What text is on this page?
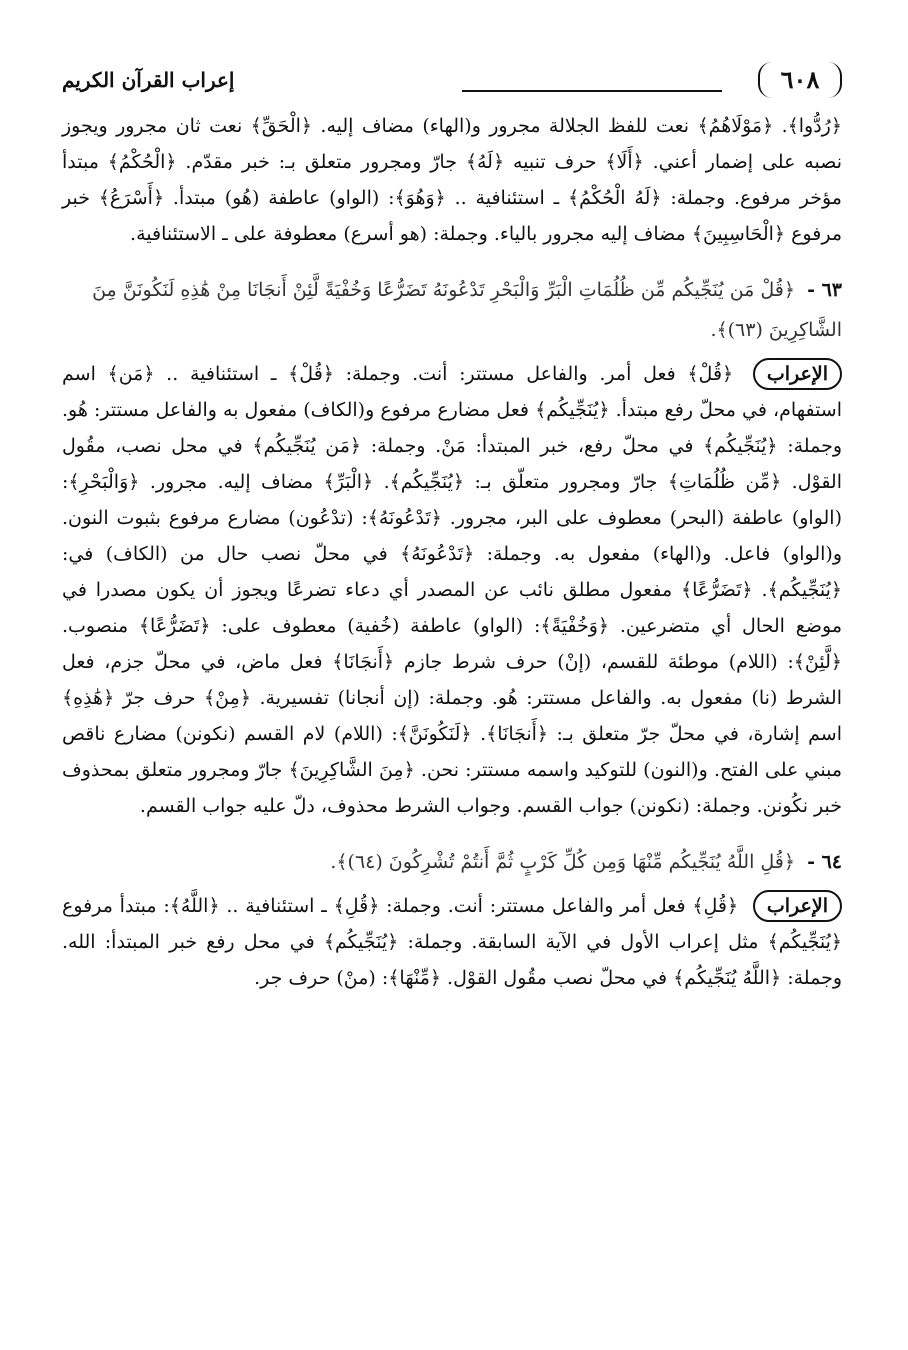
٦٠٨
إعراب القرآن الكريم

﴿رُدُّوا﴾. ﴿مَوْلَاهُمُ﴾ نعت للفظ الجلالة مجرور و(الهاء) مضاف إليه. ﴿الْحَقِّ﴾ نعت ثان مجرور ويجوز نصبه على إضمار أعني. ﴿أَلَا﴾ حرف تنبيه ﴿لَهُ﴾ جارّ ومجرور متعلق بـ: خبر مقدّم. ﴿الْحُكْمُ﴾ مبتدأ مؤخر مرفوع. وجملة: ﴿لَهُ الْحُكْمُ﴾ ـ استئنافية .. ﴿وَهُوَ﴾: (الواو) عاطفة (هُو) مبتدأ. ﴿أَسْرَعُ﴾ خبر مرفوع ﴿الْحَاسِبِينَ﴾ مضاف إليه مجرور بالياء. وجملة: (هو أسرع) معطوفة على ـ الاستئنافية.

٦٣ - ﴿قُلْ مَن يُنَجِّيكُم مِّن ظُلُمَاتِ الْبَرِّ وَالْبَحْرِ تَدْعُونَهُ تَضَرُّعًا وَخُفْيَةً لَّئِنْ أَنجَانَا مِنْ هَٰذِهِ لَنَكُونَنَّ مِنَ الشَّاكِرِينَ (٦٣)﴾.

الإعراب ﴿قُلْ﴾ فعل أمر. والفاعل مستتر: أنت. وجملة: ﴿قُلْ﴾ ـ استئنافية .. ﴿مَن﴾ اسم استفهام، في محلّ رفع مبتدأ. ﴿يُنَجِّيكُم﴾ فعل مضارع مرفوع و(الكاف) مفعول به والفاعل مستتر: هُو. وجملة: ﴿يُنَجِّيكُم﴾ في محلّ رفع، خبر المبتدأ: مَنْ. وجملة: ﴿مَن يُنَجِّيكُم﴾ في محل نصب، مقُول القوْل. ﴿مِّن ظُلُمَاتِ﴾ جارّ ومجرور متعلّق بـ: ﴿يُنَجِّيكُم﴾. ﴿الْبَرِّ﴾ مضاف إليه. مجرور. ﴿وَالْبَحْرِ﴾: (الواو) عاطفة (البحر) معطوف على البر، مجرور. ﴿تَدْعُونَهُ﴾: (تدْعُون) مضارع مرفوع بثبوت النون. و(الواو) فاعل. و(الهاء) مفعول به. وجملة: ﴿تَدْعُونَهُ﴾ في محلّ نصب حال من (الكاف) في: ﴿يُنَجِّيكُم﴾. ﴿تَضَرُّعًا﴾ مفعول مطلق نائب عن المصدر أي دعاء تضرعًا ويجوز أن يكون مصدرا في موضع الحال أي متضرعين. ﴿وَخُفْيَةً﴾: (الواو) عاطفة (خُفية) معطوف على: ﴿تَضَرُّعًا﴾ منصوب. ﴿لَّئِنْ﴾: (اللام) موطئة للقسم، (إنْ) حرف شرط جازم ﴿أَنجَانَا﴾ فعل ماض، في محلّ جزم، فعل الشرط (نا) مفعول به. والفاعل مستتر: هُو. وجملة: (إن أنجانا) تفسيرية. ﴿مِنْ﴾ حرف جرّ ﴿هَٰذِهِ﴾ اسم إشارة، في محلّ جرّ متعلق بـ: ﴿أَنجَانَا﴾. ﴿لَنَكُونَنَّ﴾: (اللام) لام القسم (نكونن) مضارع ناقص مبني على الفتح. و(النون) للتوكيد واسمه مستتر: نحن. ﴿مِنَ الشَّاكِرِينَ﴾ جارّ ومجرور متعلق بمحذوف خبر نكُونن. وجملة: (نكونن) جواب القسم. وجواب الشرط محذوف، دلّ عليه جواب القسم.

٦٤ - ﴿قُلِ اللَّهُ يُنَجِّيكُم مِّنْهَا وَمِن كُلِّ كَرْبٍ ثُمَّ أَنتُمْ تُشْرِكُونَ (٦٤)﴾.

الإعراب ﴿قُلِ﴾ فعل أمر والفاعل مستتر: أنت. وجملة: ﴿قُلِ﴾ ـ استئنافية .. ﴿اللَّهُ﴾: مبتدأ مرفوع ﴿يُنَجِّيكُم﴾ مثل إعراب الأول في الآية السابقة. وجملة: ﴿يُنَجِّيكُم﴾ في محل رفع خبر المبتدأ: الله. وجملة: ﴿اللَّهُ يُنَجِّيكُم﴾ في محلّ نصب مقُول القوْل. ﴿مِّنْهَا﴾: (منْ) حرف جر.
